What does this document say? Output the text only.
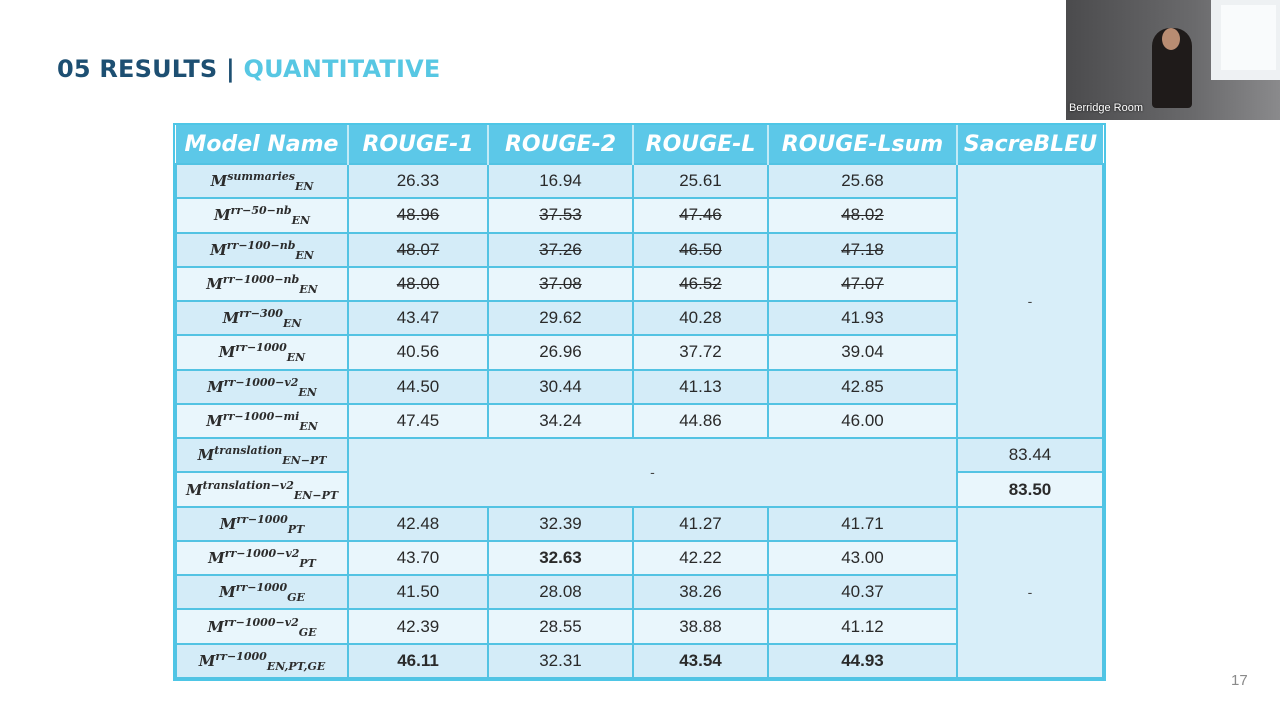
05 RESULTS | QUANTITATIVE
Berridge Room
Model Name	ROUGE-1	ROUGE-2	ROUGE-L	ROUGE-Lsum	SacreBLEU
$M^{summaries}_{EN}$	26.33	16.94	25.61	25.68	-
$M^{rr-50-nb}_{EN}$	48.96	37.53	47.46	48.02	
$M^{rr-100-nb}_{EN}$	48.07	37.26	46.50	47.18	
$M^{rr-1000-nb}_{EN}$	48.00	37.08	46.52	47.07	
$M^{rr-300}_{EN}$	43.47	29.62	40.28	41.93	
$M^{rr-1000}_{EN}$	40.56	26.96	37.72	39.04	
$M^{rr-1000-v2}_{EN}$	44.50	30.44	41.13	42.85	
$M^{rr-1000-mi}_{EN}$	47.45	34.24	44.86	46.00	
$M^{translation}_{EN-PT}$	-				83.44
$M^{translation-v2}_{EN-PT}$					83.50
$M^{rr-1000}_{PT}$	42.48	32.39	41.27	41.71	-
$M^{rr-1000-v2}_{PT}$	43.70	32.63	42.22	43.00	
$M^{rr-1000}_{GE}$	41.50	28.08	38.26	40.37	
$M^{rr-1000-v2}_{GE}$	42.39	28.55	38.88	41.12	
$M^{rr-1000}_{EN,PT,GE}$	46.11	32.31	43.54	44.93	
17
